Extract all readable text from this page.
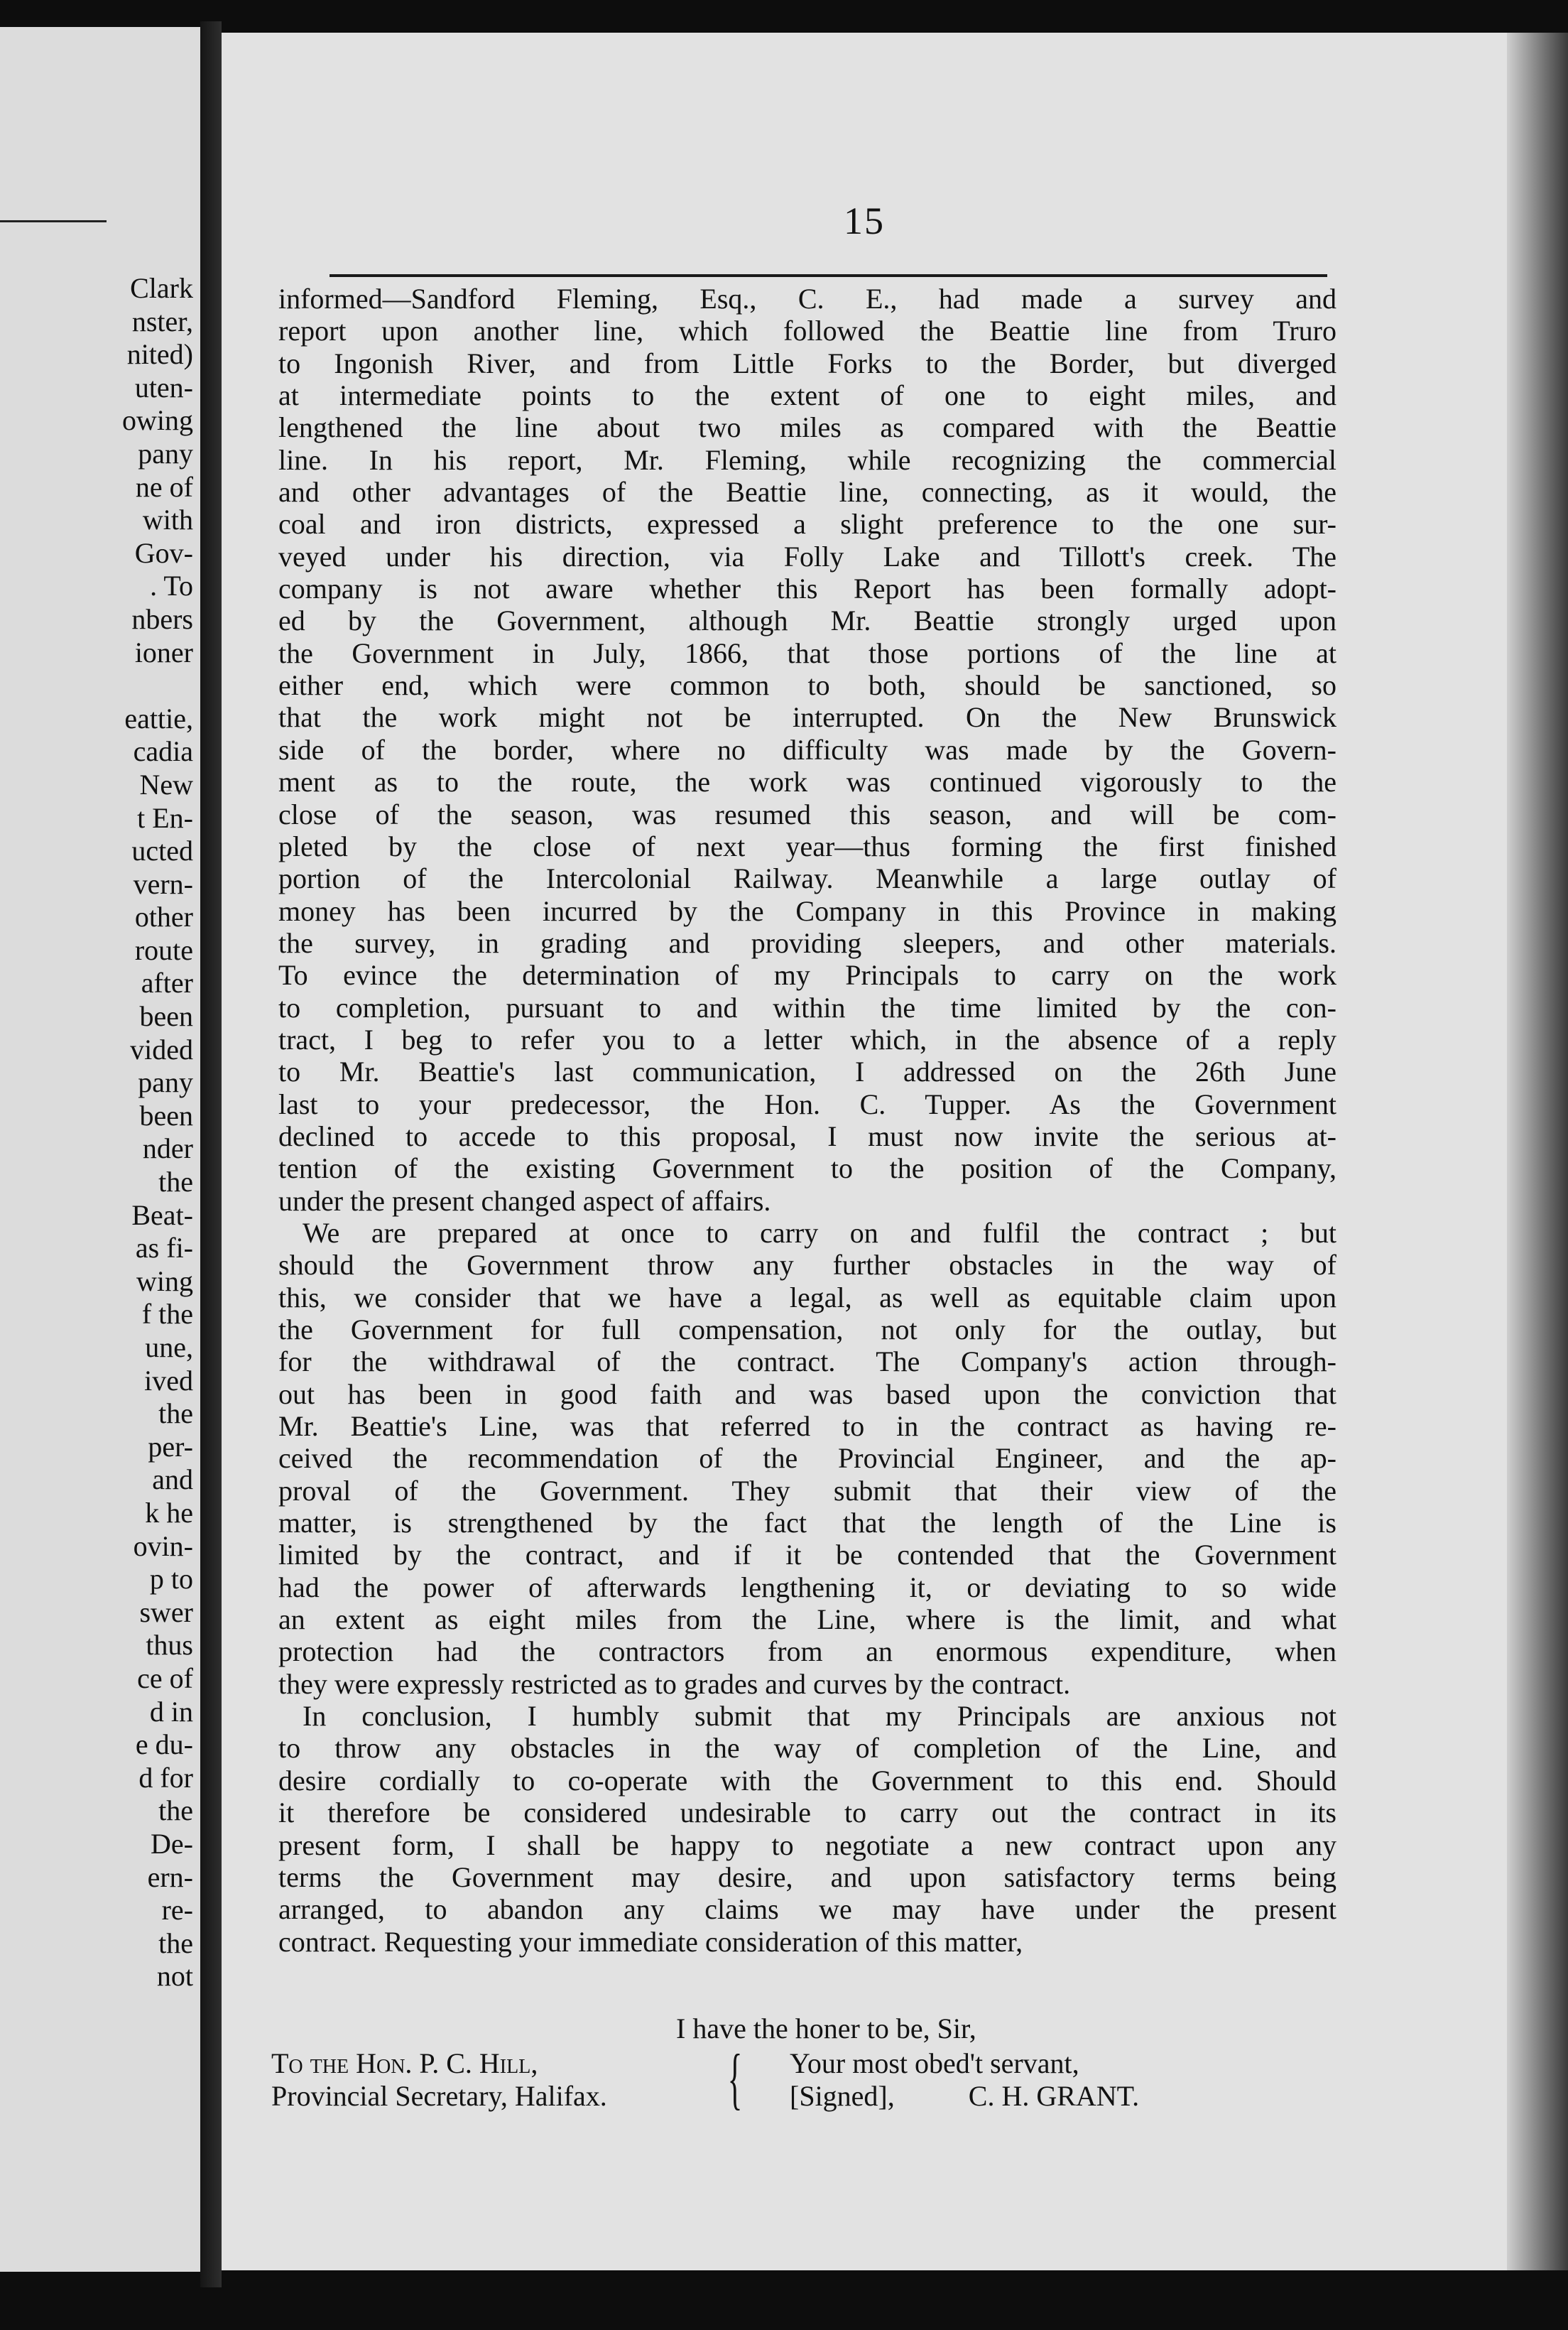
Clark
nster,
nited)
uten-
owing
pany
ne of
with
Gov-
. To
nbers
ioner
eattie,
cadia
New
t En-
ucted
vern-
other
route
after
been
vided
pany
been
nder
the
Beat-
as fi-
wing
f the
une,
ived
the
per-
and
k he
ovin-
p to
swer
thus
ce of
d in
e du-
d for
the
De-
ern-
re-
the
not
15
informed—Sandford Fleming, Esq., C. E., had made a survey and
report upon another line, which followed the Beattie line from Truro
to Ingonish River, and from Little Forks to the Border, but diverged
at intermediate points to the extent of one to eight miles, and
lengthened the line about two miles as compared with the Beattie
line. In his report, Mr. Fleming, while recognizing the commercial
and other advantages of the Beattie line, connecting, as it would, the
coal and iron districts, expressed a slight preference to the one sur-
veyed under his direction, via Folly Lake and Tillott's creek. The
company is not aware whether this Report has been formally adopt-
ed by the Government, although Mr. Beattie strongly urged upon
the Government in July, 1866, that those portions of the line at
either end, which were common to both, should be sanctioned, so
that the work might not be interrupted. On the New Brunswick
side of the border, where no difficulty was made by the Govern-
ment as to the route, the work was continued vigorously to the
close of the season, was resumed this season, and will be com-
pleted by the close of next year—thus forming the first finished
portion of the Intercolonial Railway. Meanwhile a large outlay of
money has been incurred by the Company in this Province in making
the survey, in grading and providing sleepers, and other materials.
To evince the determination of my Principals to carry on the work
to completion, pursuant to and within the time limited by the con-
tract, I beg to refer you to a letter which, in the absence of a reply
to Mr. Beattie's last communication, I addressed on the 26th June
last to your predecessor, the Hon. C. Tupper. As the Government
declined to accede to this proposal, I must now invite the serious at-
tention of the existing Government to the position of the Company,
under the present changed aspect of affairs.
We are prepared at once to carry on and fulfil the contract ; but
should the Government throw any further obstacles in the way of
this, we consider that we have a legal, as well as equitable claim upon
the Government for full compensation, not only for the outlay, but
for the withdrawal of the contract. The Company's action through-
out has been in good faith and was based upon the conviction that
Mr. Beattie's Line, was that referred to in the contract as having re-
ceived the recommendation of the Provincial Engineer, and the ap-
proval of the Government. They submit that their view of the
matter, is strengthened by the fact that the length of the Line is
limited by the contract, and if it be contended that the Government
had the power of afterwards lengthening it, or deviating to so wide
an extent as eight miles from the Line, where is the limit, and what
protection had the contractors from an enormous expenditure, when
they were expressly restricted as to grades and curves by the contract.
In conclusion, I humbly submit that my Principals are anxious not
to throw any obstacles in the way of completion of the Line, and
desire cordially to co-operate with the Government to this end. Should
it therefore be considered undesirable to carry out the contract in its
present form, I shall be happy to negotiate a new contract upon any
terms the Government may desire, and upon satisfactory terms being
arranged, to abandon any claims we may have under the present
contract. Requesting your immediate consideration of this matter,
I have the honer to be, Sir,
To the Hon. P. C. Hill,
Provincial Secretary, Halifax. { Your most obed't servant,
[Signed],	C. H. GRANT.
